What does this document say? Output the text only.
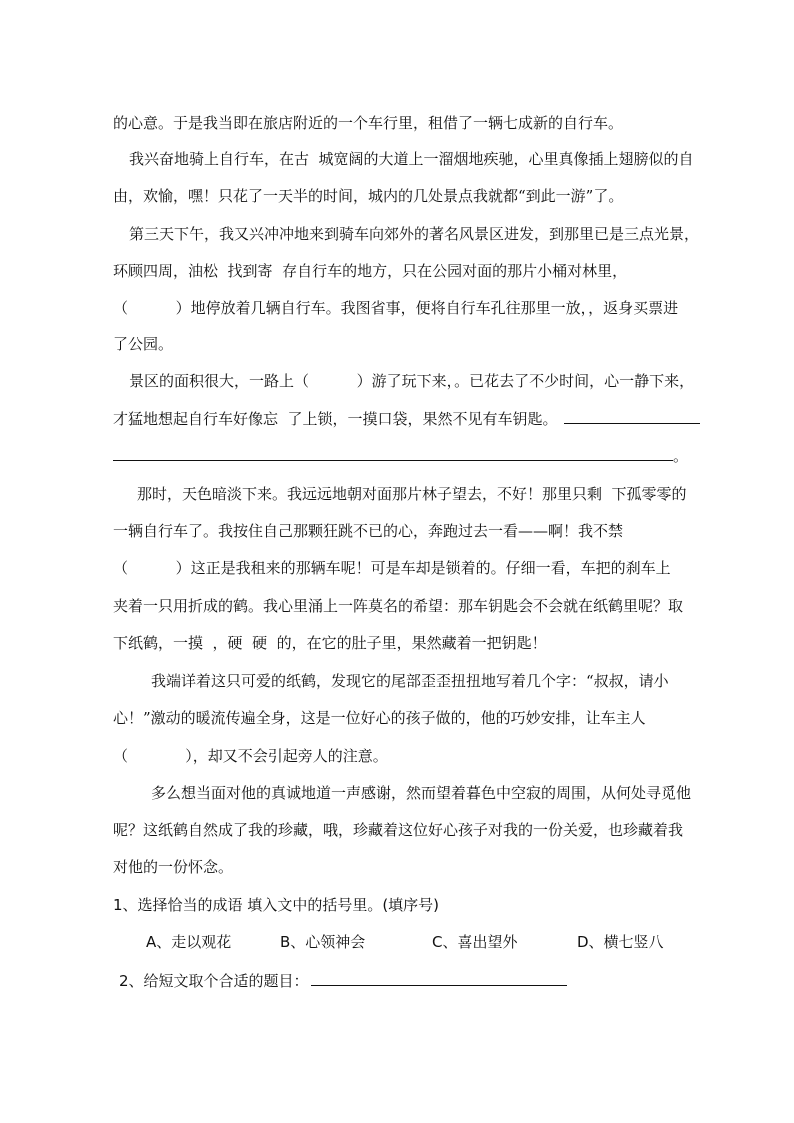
的心意。于是我当即在旅店附近的一个车行里，租借了一辆七成新的自行车。
我兴奋地骑上自行车，在古  城宽阔的大道上一溜烟地疾驰，心里真像插上翅膀似的自
由，欢愉，嘿！只花了一天半的时间，城内的几处景点我就都“到此一游”了。
第三天下午，我又兴冲冲地来到骑车向郊外的著名风景区进发，到那里已是三点光景，
环顾四周，油松  找到寄  存自行车的地方，只在公园对面的那片小桶对林里，
（          ）地停放着几辆自行车。我图省事，便将自行车孔往那里一放，，返身买票进
了公园。
景区的面积很大，一路上（          ）游了玩下来，。已花去了不少时间，心一静下来，
才猛地想起自行车好像忘  了上锁，一摸口袋，果然不见有车钥匙。
。
那时，天色暗淡下来。我远远地朝对面那片林子望去，不好！那里只剩  下孤零零的
一辆自行车了。我按住自己那颗狂跳不已的心，奔跑过去一看——啊！我不禁
（          ）这正是我租来的那辆车呢！可是车却是锁着的。仔细一看，车把的刹车上
夹着一只用折成的鹤。我心里涌上一阵莫名的希望：那车钥匙会不会就在纸鹤里呢？取
下纸鹤，一摸  ，硬  硬  的，在它的肚子里，果然藏着一把钥匙！
我端详着这只可爱的纸鹤，发现它的尾部歪歪扭扭地写着几个字：“叔叔，请小
心！”激动的暖流传遍全身，这是一位好心的孩子做的，他的巧妙安排，让车主人
（            ），却又不会引起旁人的注意。
多么想当面对他的真诚地道一声感谢，然而望着暮色中空寂的周围，从何处寻觅他
呢？这纸鹤自然成了我的珍藏，哦，珍藏着这位好心孩子对我的一份关爱，也珍藏着我
对他的一份怀念。
1、选择恰当的成语 填入文中的括号里。(填序号)
A、走以观花	B、心领神会	C、喜出望外	D、横七竖八
2、给短文取个合适的题目：
